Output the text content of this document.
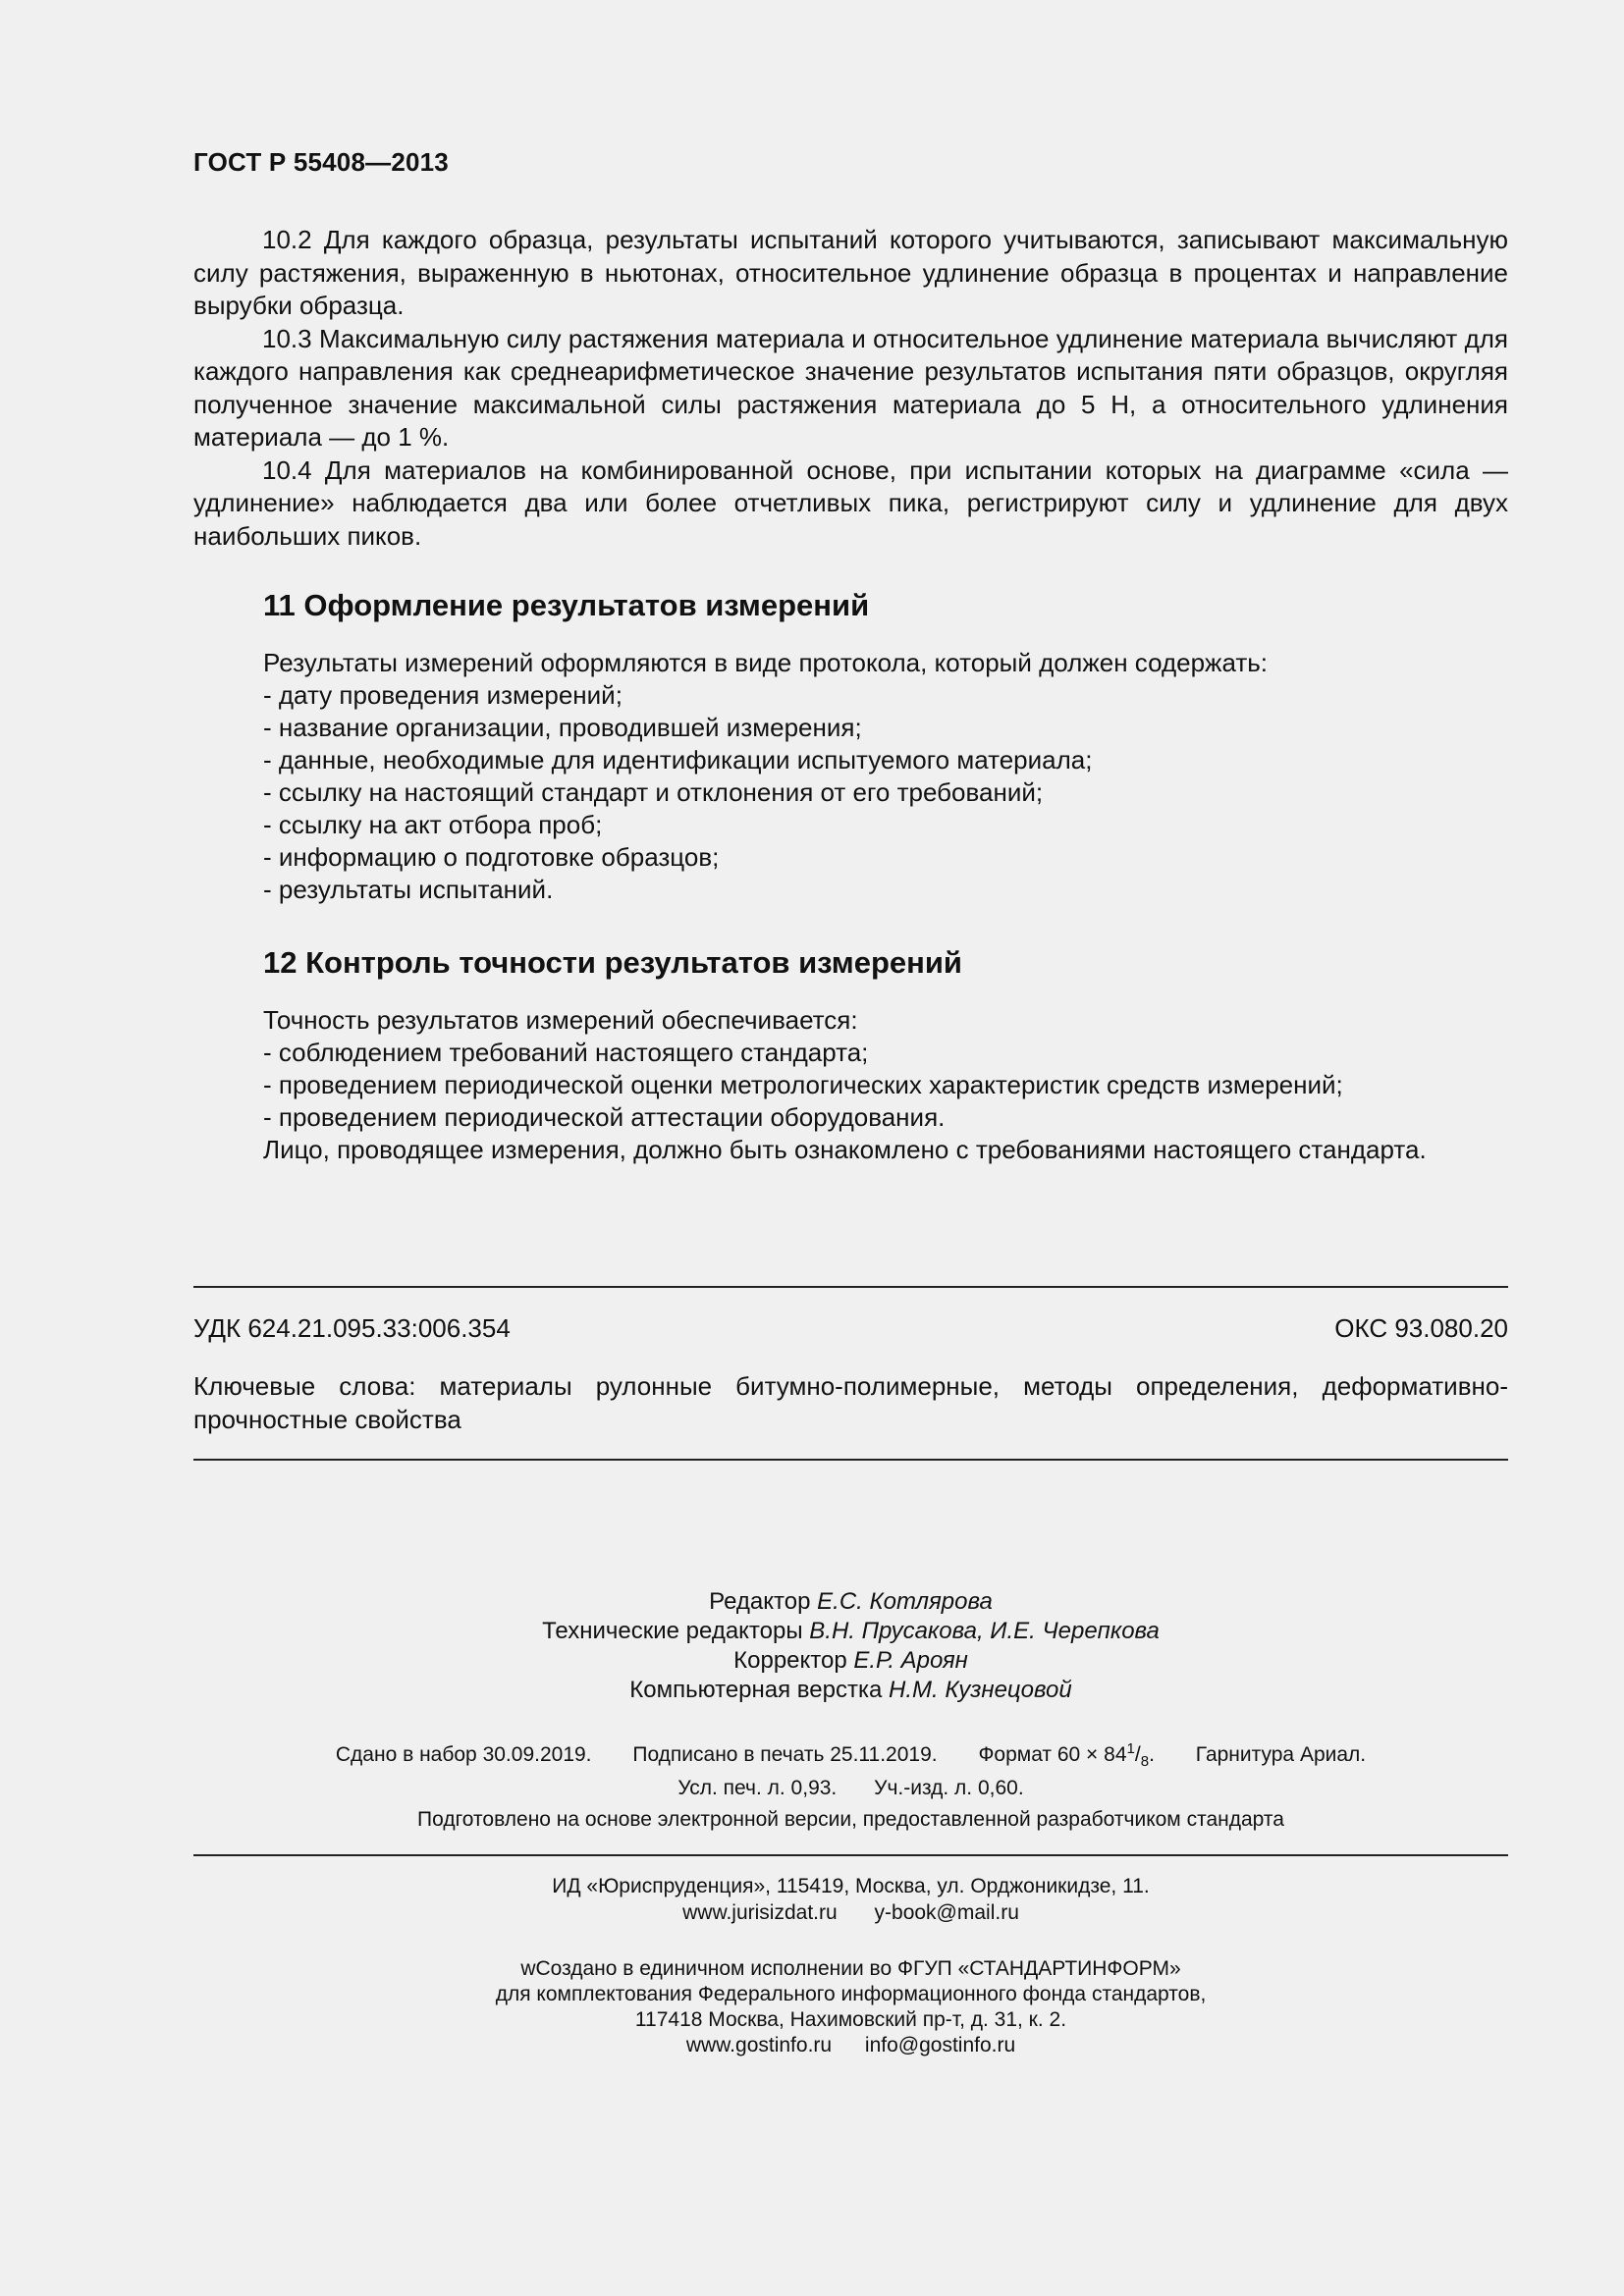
ГОСТ Р 55408—2013

10.2 Для каждого образца, результаты испытаний которого учитываются, записывают максимальную силу растяжения, выраженную в ньютонах, относительное удлинение образца в процентах и направление вырубки образца.

10.3 Максимальную силу растяжения материала и относительное удлинение материала вычисляют для каждого направления как среднеарифметическое значение результатов испытания пяти образцов, округляя полученное значение максимальной силы растяжения материала до 5 Н, а относительного удлинения материала — до 1 %.

10.4 Для материалов на комбинированной основе, при испытании которых на диаграмме «сила — удлинение» наблюдается два или более отчетливых пика, регистрируют силу и удлинение для двух наибольших пиков.

11 Оформление результатов измерений
Результаты измерений оформляются в виде протокола, который должен содержать:
- дату проведения измерений;
- название организации, проводившей измерения;
- данные, необходимые для идентификации испытуемого материала;
- ссылку на настоящий стандарт и отклонения от его требований;
- ссылку на акт отбора проб;
- информацию о подготовке образцов;
- результаты испытаний.
12 Контроль точности результатов измерений
Точность результатов измерений обеспечивается:
- соблюдением требований настоящего стандарта;
- проведением периодической оценки метрологических характеристик средств измерений;
- проведением периодической аттестации оборудования.
Лицо, проводящее измерения, должно быть ознакомлено с требованиями настоящего стандарта.
УДК 624.21.095.33:006.354	ОКС 93.080.20
Ключевые слова: материалы рулонные битумно-полимерные, методы определения, деформативно-прочностные свойства
Редактор Е.С. Котлярова
Технические редакторы В.Н. Прусакова, И.Е. Черепкова
Корректор Е.Р. Ароян
Компьютерная верстка Н.М. Кузнецовой
Сдано в набор 30.09.2019. Подписано в печать 25.11.2019. Формат $60 \times 84^1/_8$. Гарнитура Ариал.
Усл. печ. л. 0,93. Уч.-изд. л. 0,60.
Подготовлено на основе электронной версии, предоставленной разработчиком стандарта
ИД «Юриспруденция», 115419, Москва, ул. Орджоникидзе, 11.
www.jurisizdat.ru y-book@mail.ru
wСоздано в единичном исполнении во ФГУП «СТАНДАРТИНФОРМ»
для комплектования Федерального информационного фонда стандартов,
117418 Москва, Нахимовский пр-т, д. 31, к. 2.
www.gostinfo.ru info@gostinfo.ru
